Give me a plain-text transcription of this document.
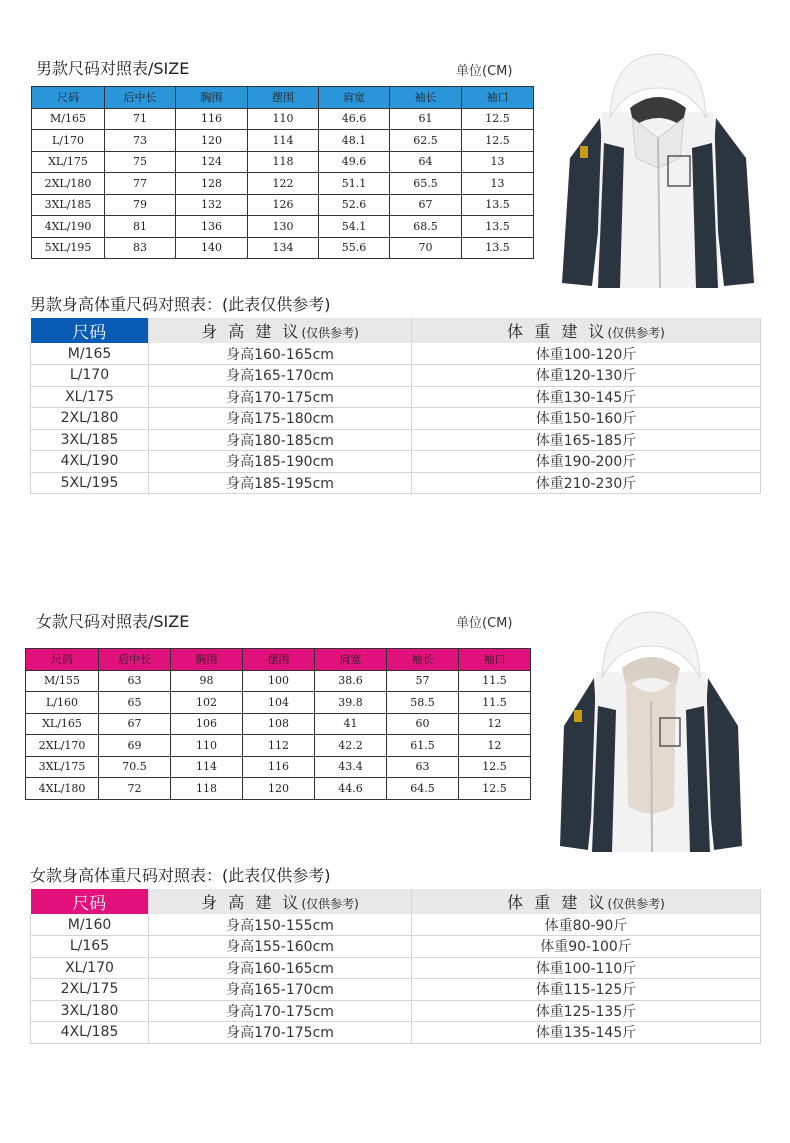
男款尺码对照表/SIZE	单位(CM)
尺码	后中长	胸围	摆围	肩宽	袖长	袖口
M/165	71	116	110	46.6	61	12.5
L/170	73	120	114	48.1	62.5	12.5
XL/175	75	124	118	49.6	64	13
2XL/180	77	128	122	51.1	65.5	13
3XL/185	79	132	126	52.6	67	13.5
4XL/190	81	136	130	54.1	68.5	13.5
5XL/195	83	140	134	55.6	70	13.5
男款身高体重尺码对照表：(此表仅供参考)
尺码	身 高 建 议(仅供参考)	体 重 建 议(仅供参考)
M/165	身高160-165cm	体重100-120斤
L/170	身高165-170cm	体重120-130斤
XL/175	身高170-175cm	体重130-145斤
2XL/180	身高175-180cm	体重150-160斤
3XL/185	身高180-185cm	体重165-185斤
4XL/190	身高185-190cm	体重190-200斤
5XL/195	身高185-195cm	体重210-230斤
女款尺码对照表/SIZE	单位(CM)
尺码	后中长	胸围	摆围	肩宽	袖长	袖口
M/155	63	98	100	38.6	57	11.5
L/160	65	102	104	39.8	58.5	11.5
XL/165	67	106	108	41	60	12
2XL/170	69	110	112	42.2	61.5	12
3XL/175	70.5	114	116	43.4	63	12.5
4XL/180	72	118	120	44.6	64.5	12.5
女款身高体重尺码对照表：(此表仅供参考)
尺码	身 高 建 议(仅供参考)	体 重 建 议(仅供参考)
M/160	身高150-155cm	体重80-90斤
L/165	身高155-160cm	体重90-100斤
XL/170	身高160-165cm	体重100-110斤
2XL/175	身高165-170cm	体重115-125斤
3XL/180	身高170-175cm	体重125-135斤
4XL/185	身高170-175cm	体重135-145斤
